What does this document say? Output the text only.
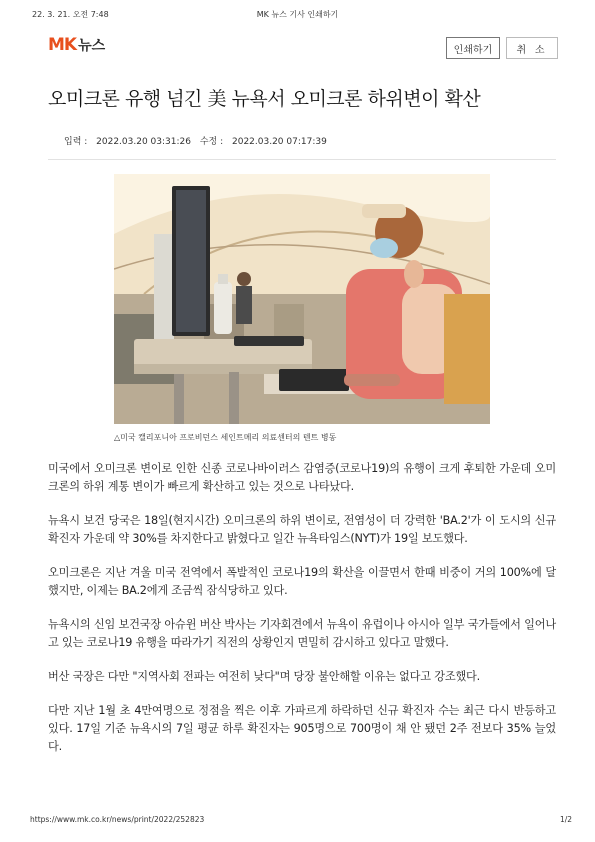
22. 3. 21. 오전 7:48	MK 뉴스 기사 인쇄하기
MK 뉴스	인쇄하기	취 소
오미크론 유행 넘긴 美 뉴욕서 오미크론 하위변이 확산
입력 : 2022.03.20 03:31:26 수정 : 2022.03.20 07:17:39
△미국 캘리포니아 프로비던스 세인트메리 의료센터의 텐트 병동

미국에서 오미크론 변이로 인한 신종 코로나바이러스 감염증(코로나19)의 유행이 크게 후퇴한 가운데 오미크론의 하위 계통 변이가 빠르게 확산하고 있는 것으로 나타났다.

뉴욕시 보건 당국은 18일(현지시간) 오미크론의 하위 변이로, 전염성이 더 강력한 'BA.2'가 이 도시의 신규 확진자 가운데 약 30%를 차지한다고 밝혔다고 일간 뉴욕타임스(NYT)가 19일 보도했다.

오미크론은 지난 겨울 미국 전역에서 폭발적인 코로나19의 확산을 이끌면서 한때 비중이 거의 100%에 달했지만, 이제는 BA.2에게 조금씩 잠식당하고 있다.

뉴욕시의 신임 보건국장 아슈윈 버산 박사는 기자회견에서 뉴욕이 유럽이나 아시아 일부 국가들에서 일어나고 있는 코로나19 유행을 따라가기 직전의 상황인지 면밀히 감시하고 있다고 말했다.

버산 국장은 다만 "지역사회 전파는 여전히 낮다"며 당장 불안해할 이유는 없다고 강조했다.

다만 지난 1월 초 4만여명으로 정점을 찍은 이후 가파르게 하락하던 신규 확진자 수는 최근 다시 반등하고 있다. 17일 기준 뉴욕시의 7일 평균 하루 확진자는 905명으로 700명이 채 안 됐던 2주 전보다 35% 늘었다.

https://www.mk.co.kr/news/print/2022/252823	1/2
